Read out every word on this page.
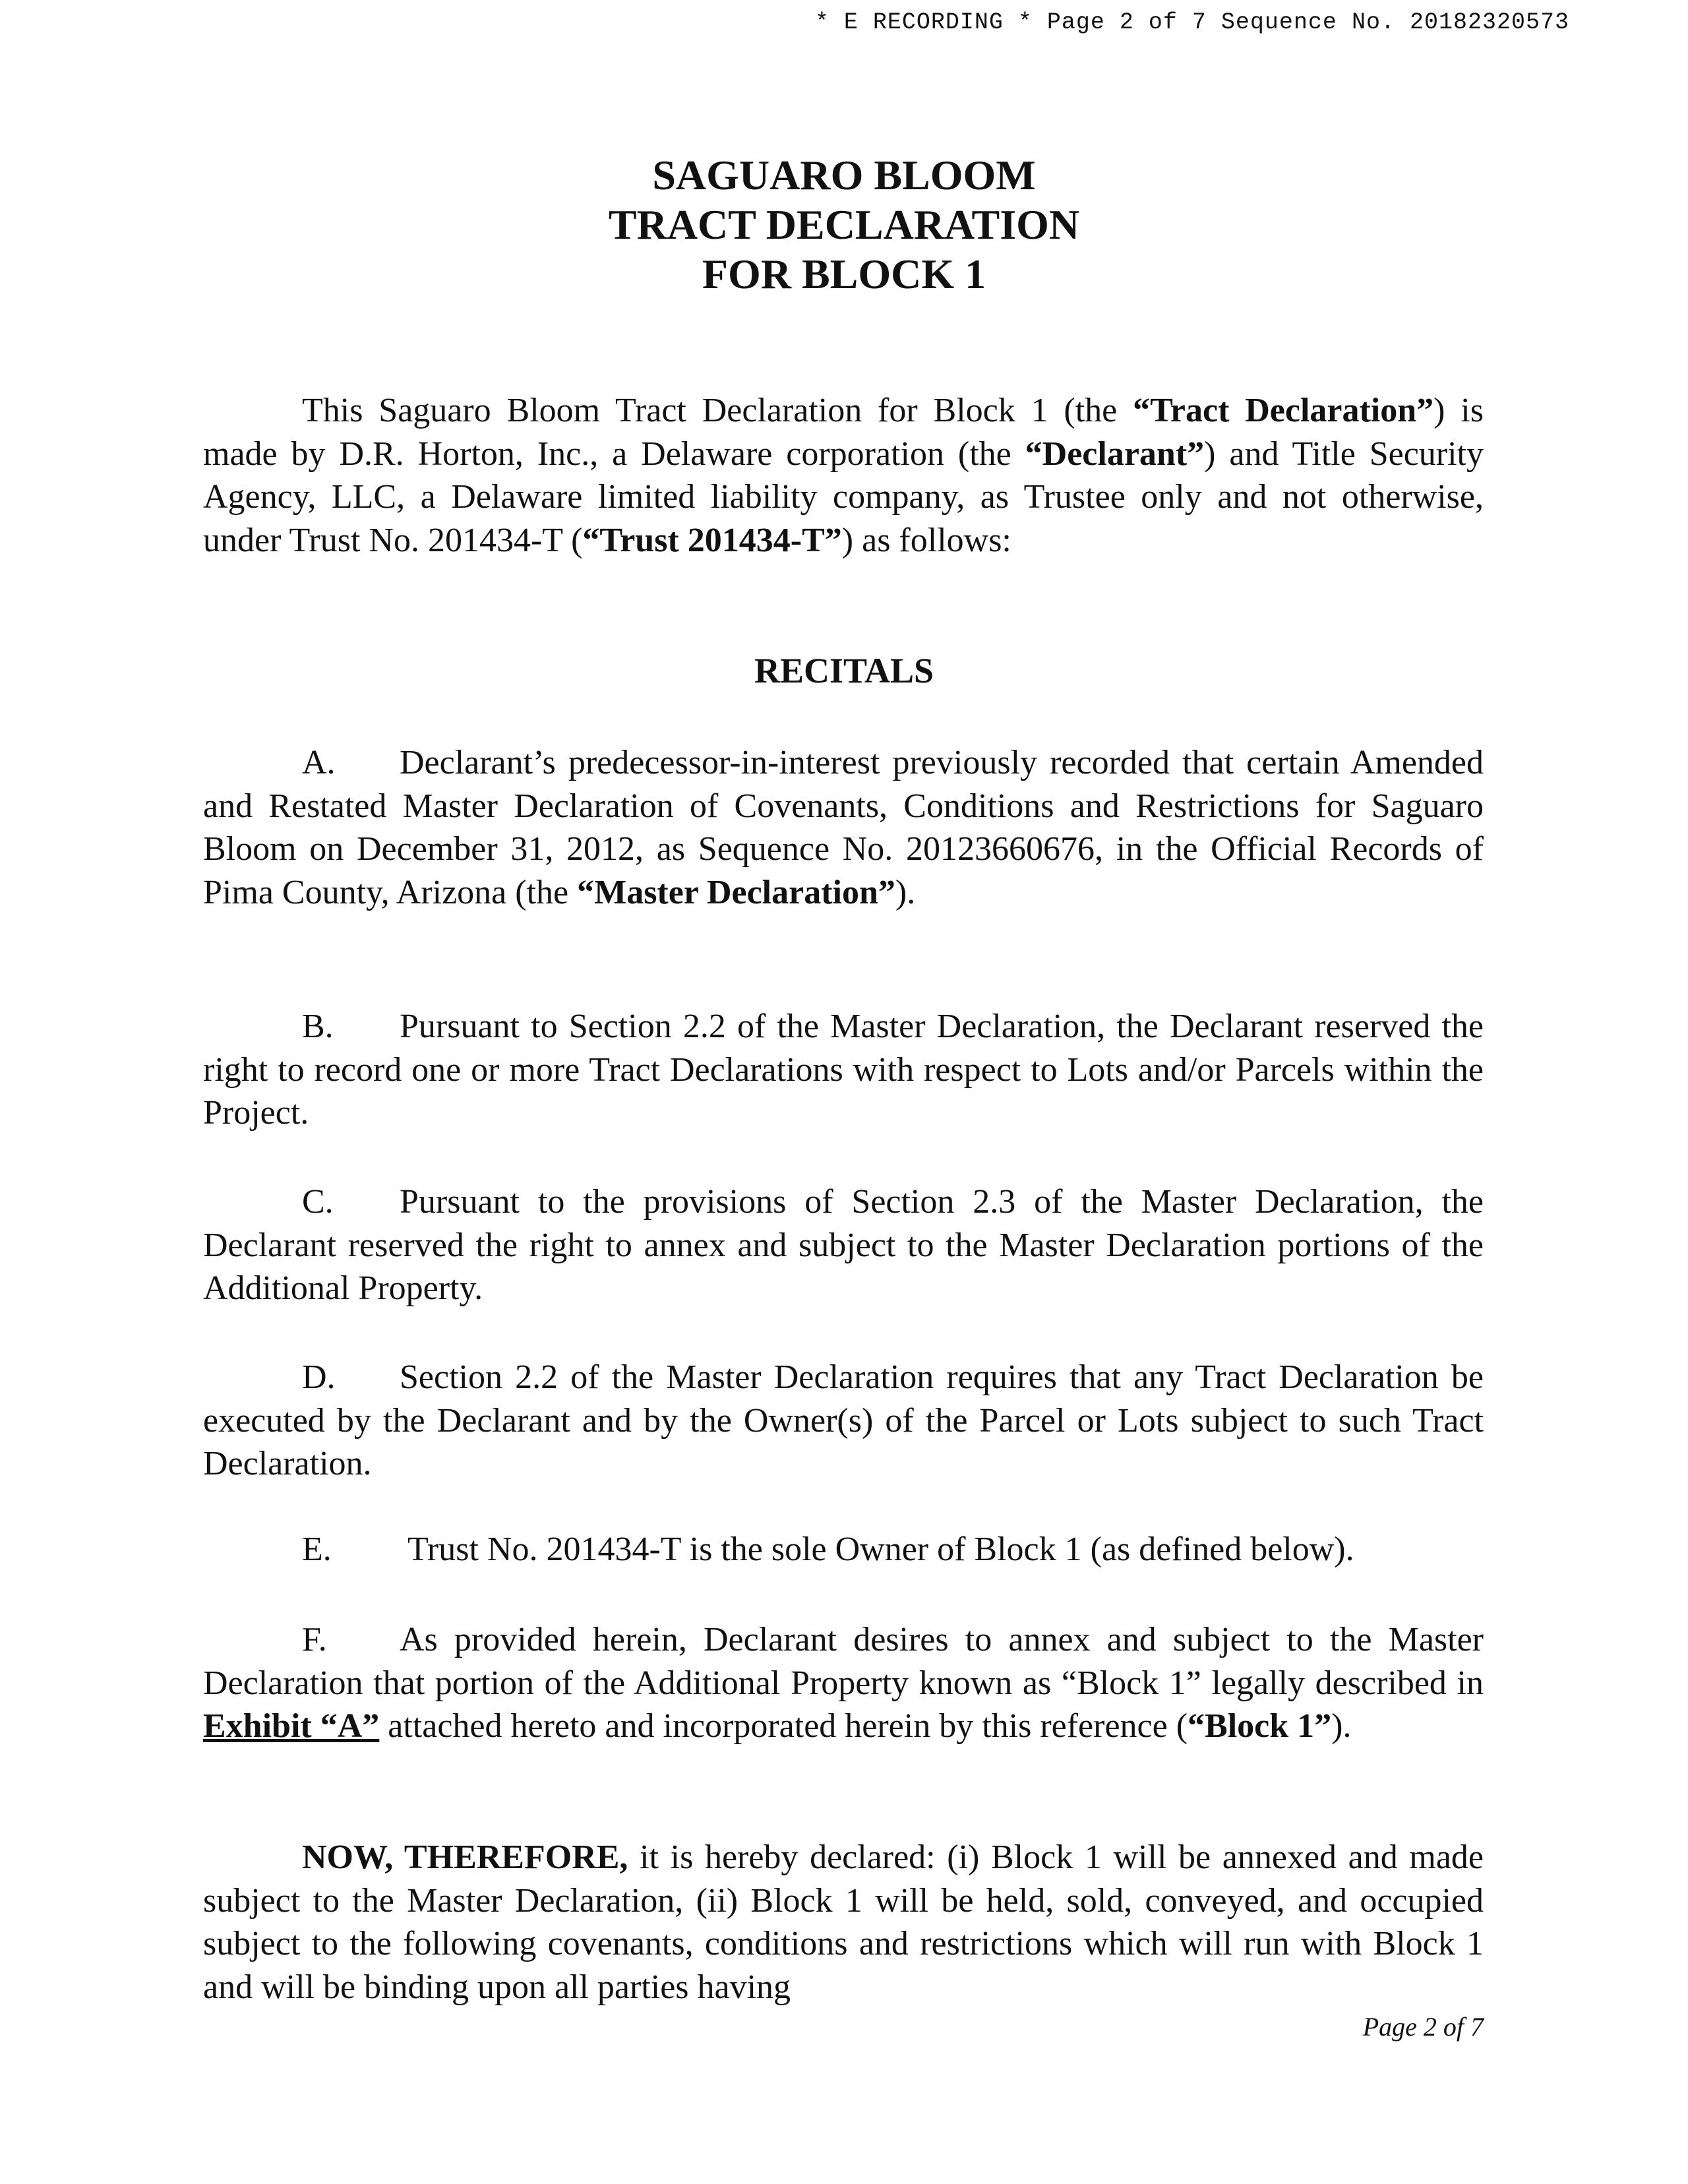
* E RECORDING * Page 2 of 7 Sequence No. 20182320573
SAGUARO BLOOM
TRACT DECLARATION
FOR BLOCK 1
This Saguaro Bloom Tract Declaration for Block 1 (the “Tract Declaration”) is made by D.R. Horton, Inc., a Delaware corporation (the “Declarant”) and Title Security Agency, LLC, a Delaware limited liability company, as Trustee only and not otherwise, under Trust No. 201434-T (“Trust 201434-T”) as follows:
RECITALS
A. Declarant’s predecessor-in-interest previously recorded that certain Amended and Restated Master Declaration of Covenants, Conditions and Restrictions for Saguaro Bloom on December 31, 2012, as Sequence No. 20123660676, in the Official Records of Pima County, Arizona (the “Master Declaration”).
B. Pursuant to Section 2.2 of the Master Declaration, the Declarant reserved the right to record one or more Tract Declarations with respect to Lots and/or Parcels within the Project.
C. Pursuant to the provisions of Section 2.3 of the Master Declaration, the Declarant reserved the right to annex and subject to the Master Declaration portions of the Additional Property.
D. Section 2.2 of the Master Declaration requires that any Tract Declaration be executed by the Declarant and by the Owner(s) of the Parcel or Lots subject to such Tract Declaration.
E. Trust No. 201434-T is the sole Owner of Block 1 (as defined below).
F. As provided herein, Declarant desires to annex and subject to the Master Declaration that portion of the Additional Property known as “Block 1” legally described in Exhibit “A” attached hereto and incorporated herein by this reference (“Block 1”).
NOW, THEREFORE, it is hereby declared: (i) Block 1 will be annexed and made subject to the Master Declaration, (ii) Block 1 will be held, sold, conveyed, and occupied subject to the following covenants, conditions and restrictions which will run with Block 1 and will be binding upon all parties having
Page 2 of 7
